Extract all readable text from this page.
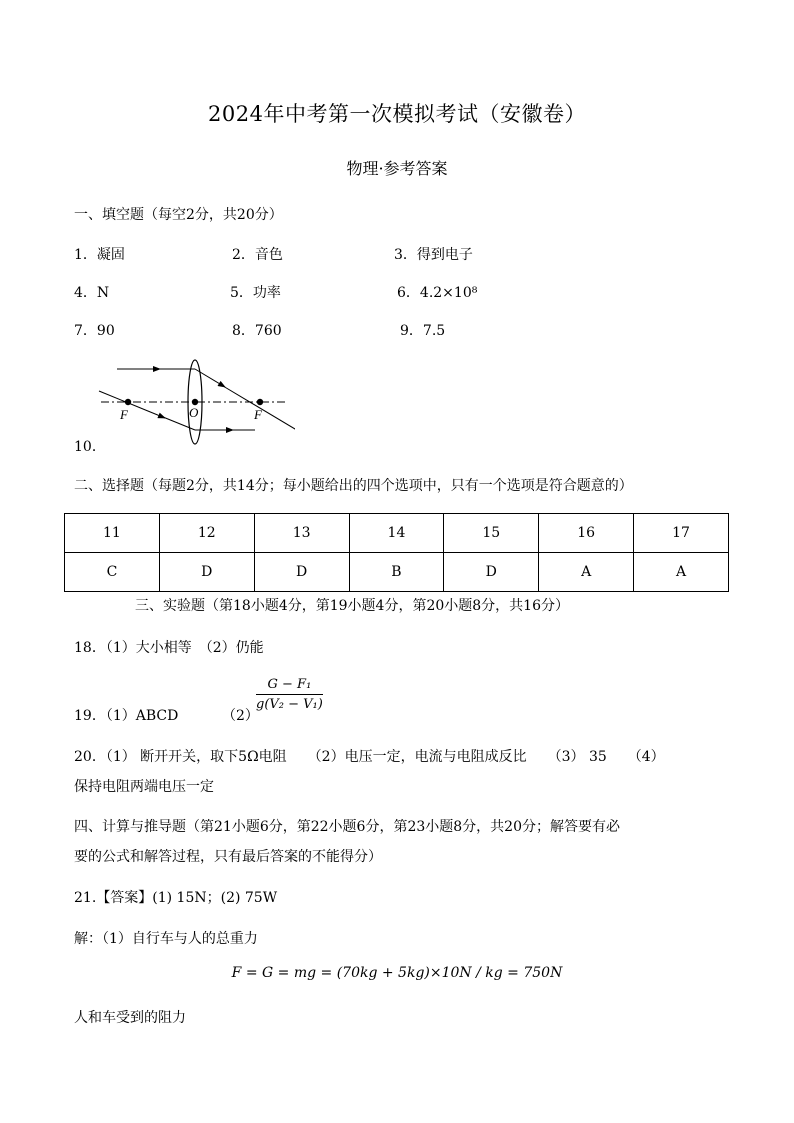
2024年中考第一次模拟考试（安徽卷）
物理·参考答案
一、填空题（每空2分，共20分）
1．凝固	2．音色	3．得到电子
4．N	5．功率	6．4.2×10⁸
7．90	8．760	9．7.5
F	O	F
10．
二、选择题（每题2分，共14分；每小题给出的四个选项中，只有一个选项是符合题意的）
11	12	13	14	15	16	17
C	D	D	B	D	A	A
三、实验题（第18小题4分，第19小题4分，第20小题8分，共16分）
18．（1）大小相等　（2）仍能
19．（1）ABCD	（2）
$\frac{\text{G − F₁}}{\text{g(V₂ − V₁)}}$
20．（1） 断开开关，取下5Ω电阻　　（2）电压一定，电流与电阻成反比　　（3） 35　　（4）
保持电阻两端电压一定
四、计算与推导题（第21小题6分，第22小题6分，第23小题8分，共20分；解答要有必
要的公式和解答过程，只有最后答案的不能得分）
21.【答案】(1) 15N；(2) 75W
解：（1）自行车与人的总重力
F = G = mg = (70kg + 5kg)×10N / kg = 750N
人和车受到的阻力
